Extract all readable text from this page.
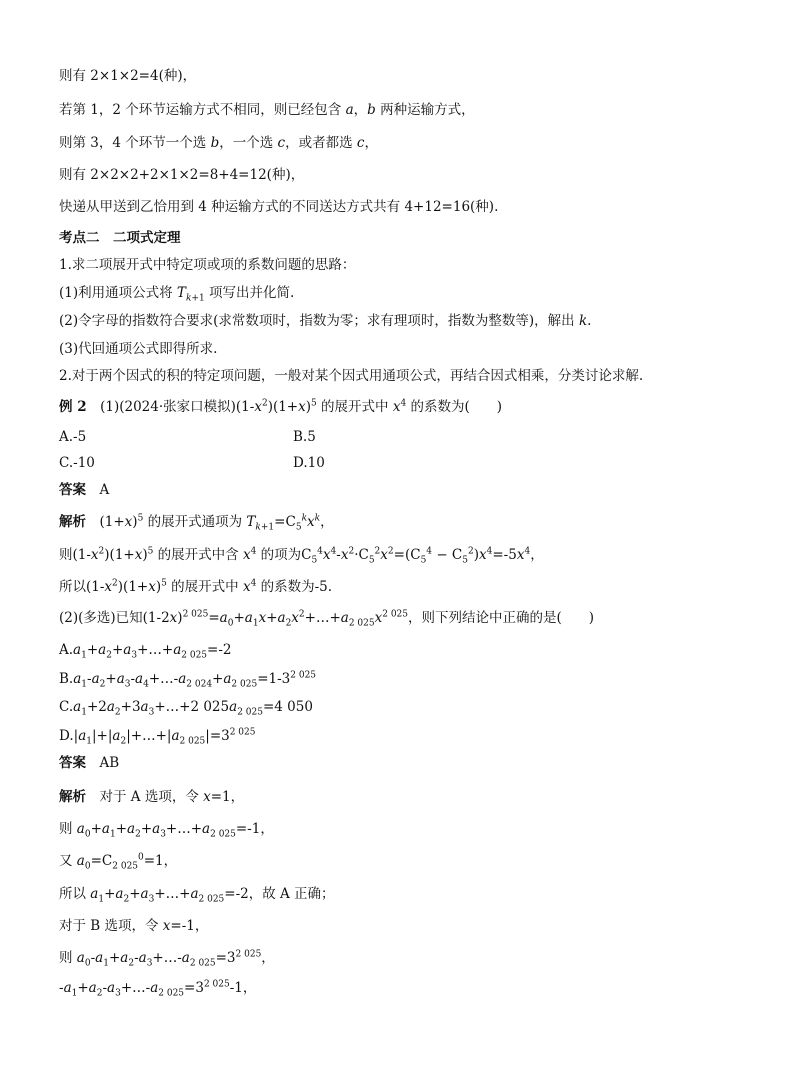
则有 2×1×2=4(种)，
若第 1，2 个环节运输方式不相同，则已经包含 a，b 两种运输方式，
则第 3，4 个环节一个选 b，一个选 c，或者都选 c，
则有 2×2×2+2×1×2=8+4=12(种)，
快递从甲送到乙恰用到 4 种运输方式的不同送达方式共有 4+12=16(种).
考点二　二项式定理
1.求二项展开式中特定项或项的系数问题的思路：
(1)利用通项公式将 $T_{k+1}$ 项写出并化简.
(2)令字母的指数符合要求(求常数项时，指数为零；求有理项时，指数为整数等)，解出 k.
(3)代回通项公式即得所求.
2.对于两个因式的积的特定项问题，一般对某个因式用通项公式，再结合因式相乘，分类讨论求解.
例 2　(1)(2024·张家口模拟)$(1-x^2)(1+x)^5$ 的展开式中 $x^4$ 的系数为(　　)
A.-5	B.5
C.-10	D.10
答案　A
解析　$(1+x)^5$ 的展开式通项为 $T_{k+1}=C_5^kx^k$，
则$(1-x^2)(1+x)^5$ 的展开式中含 $x^4$ 的项为$C_5^4x^4-x^2\cdot C_5^2x^2=(C_5^4 - C_5^2)x^4=-5x^4$，
所以$(1-x^2)(1+x)^5$ 的展开式中 $x^4$ 的系数为-5.
(2)(多选)已知$(1-2x)^{2 025}=a_0+a_1x+a_2x^2+\dots+a_{2 025}x^{2 025}$，则下列结论中正确的是(　　)
$A.a_1+a_2+a_3+\dots+a_{2 025}=-2$
$B.a_1-a_2+a_3-a_4+\dots-a_{2 024}+a_{2 025}=1-3^{2 025}$
$C.a_1+2a_2+3a_3+\dots+2$ $025a_{2 025}=4$ 050
$D.|a_1|+|a_2|+\dots+|a_{2 025}|=3^{2 025}$
答案　AB
解析　对于 A 选项，令 x=1，
则 $a_0+a_1+a_2+a_3+\dots+a_{2 025}=-1$，
又 $a_0=C_{2 025}^0=1$，
所以 $a_1+a_2+a_3+\dots+a_{2 025}=-2$，故 A 正确；
对于 B 选项，令 x=-1，
则 $a_0-a_1+a_2-a_3+\dots-a_{2 025}=3^{2 025}$，
$-a_1+a_2-a_3+\dots-a_{2 025}=3^{2 025}-1$，
